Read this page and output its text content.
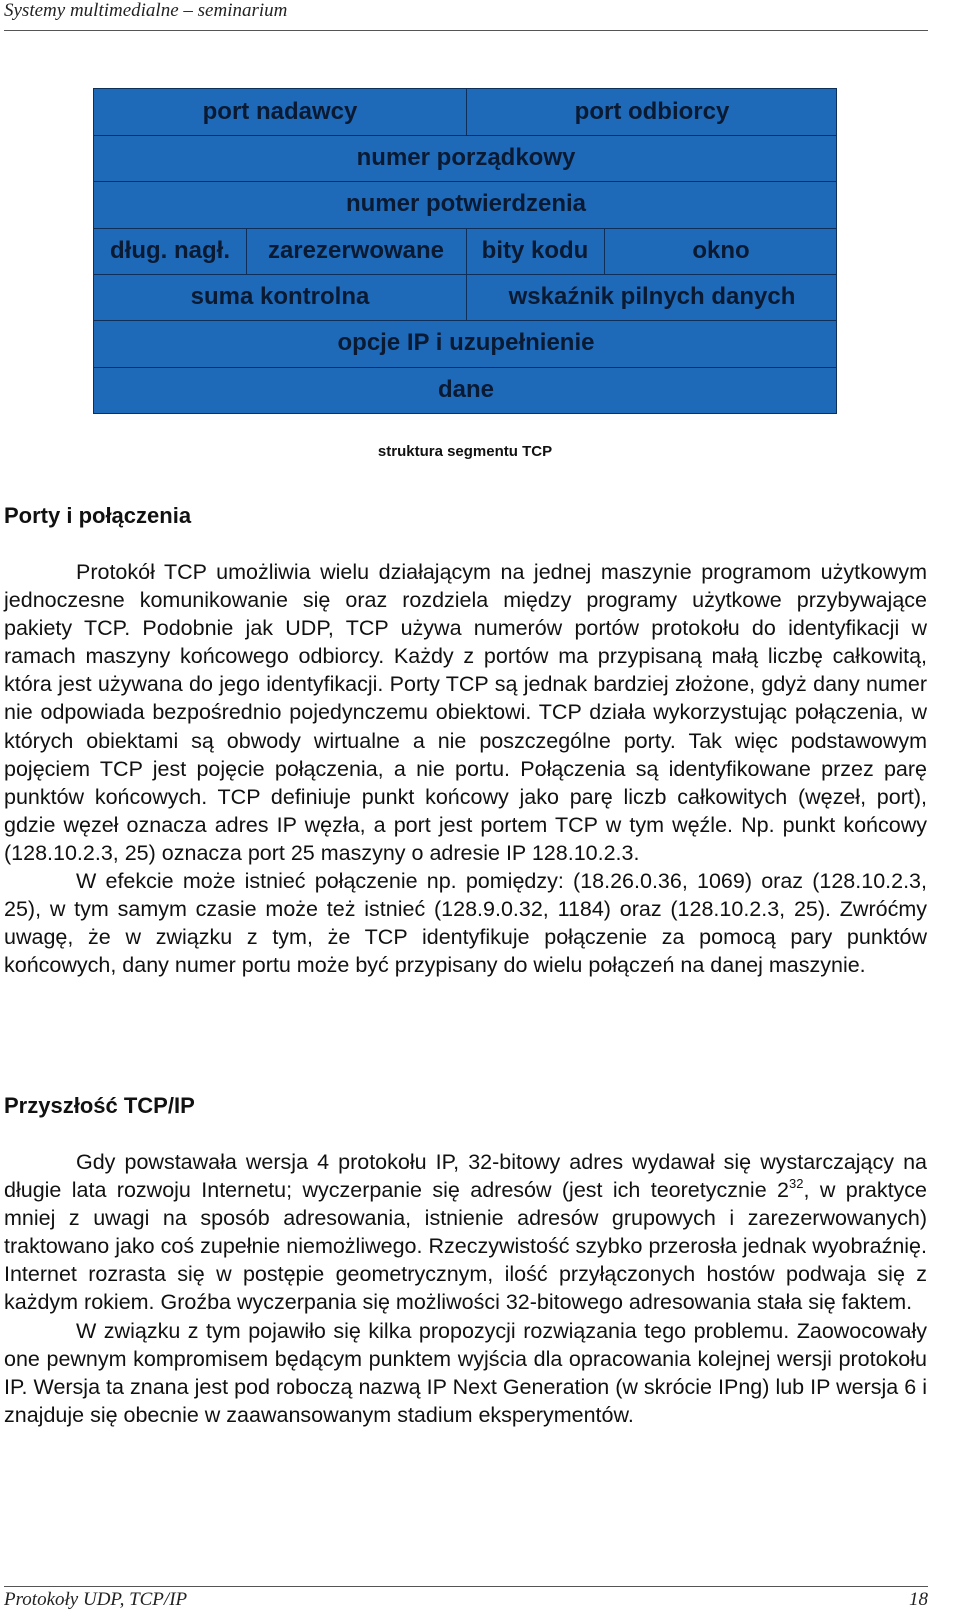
Systemy multimedialne – seminarium
port nadawcy	port odbiorcy
numer porządkowy
numer potwierdzenia
dług. nagł.	zarezerwowane	bity kodu	okno
suma kontrolna	wskaźnik pilnych danych
opcje IP i uzupełnienie
dane
struktura segmentu TCP
Porty i połączenia

Protokół TCP umożliwia wielu działającym na jednej maszynie programom użytkowym jednoczesne komunikowanie się oraz rozdziela między programy użytkowe przybywające pakiety TCP. Podobnie jak UDP, TCP używa numerów portów protokołu do identyfikacji w ramach maszyny końcowego odbiorcy. Każdy z portów ma przypisaną małą liczbę całkowitą, która jest używana do jego identyfikacji. Porty TCP są jednak bardziej złożone, gdyż dany numer nie odpowiada bezpośrednio pojedynczemu obiektowi. TCP działa wykorzystując połączenia, w których obiektami są obwody wirtualne a nie poszczególne porty. Tak więc podstawowym pojęciem TCP jest pojęcie połączenia, a nie portu. Połączenia są identyfikowane przez parę punktów końcowych. TCP definiuje punkt końcowy jako parę liczb całkowitych (węzeł, port), gdzie węzeł oznacza adres IP węzła, a port jest portem TCP w tym węźle. Np. punkt końcowy (128.10.2.3, 25) oznacza port 25 maszyny o adresie IP 128.10.2.3.

W efekcie może istnieć połączenie np. pomiędzy: (18.26.0.36, 1069) oraz (128.10.2.3, 25), w tym samym czasie może też istnieć (128.9.0.32, 1184) oraz (128.10.2.3, 25). Zwróćmy uwagę, że w związku z tym, że TCP identyfikuje połączenie za pomocą pary punktów końcowych, dany numer portu może być przypisany do wielu połączeń na danej maszynie.

Przyszłość TCP/IP

Gdy powstawała wersja 4 protokołu IP, 32-bitowy adres wydawał się wystarczający na długie lata rozwoju Internetu; wyczerpanie się adresów (jest ich teoretycznie $2^{32}$, w praktyce mniej z uwagi na sposób adresowania, istnienie adresów grupowych i zarezerwowanych) traktowano jako coś zupełnie niemożliwego. Rzeczywistość szybko przerosła jednak wyobraźnię. Internet rozrasta się w postępie geometrycznym, ilość przyłączonych hostów podwaja się z każdym rokiem. Groźba wyczerpania się możliwości 32-bitowego adresowania stała się faktem.

W związku z tym pojawiło się kilka propozycji rozwiązania tego problemu. Zaowocowały one pewnym kompromisem będącym punktem wyjścia dla opracowania kolejnej wersji protokołu IP. Wersja ta znana jest pod roboczą nazwą IP Next Generation (w skrócie IPng) lub IP wersja 6 i znajduje się obecnie w zaawansowanym stadium eksperymentów.

Protokoły UDP, TCP/IP	18
